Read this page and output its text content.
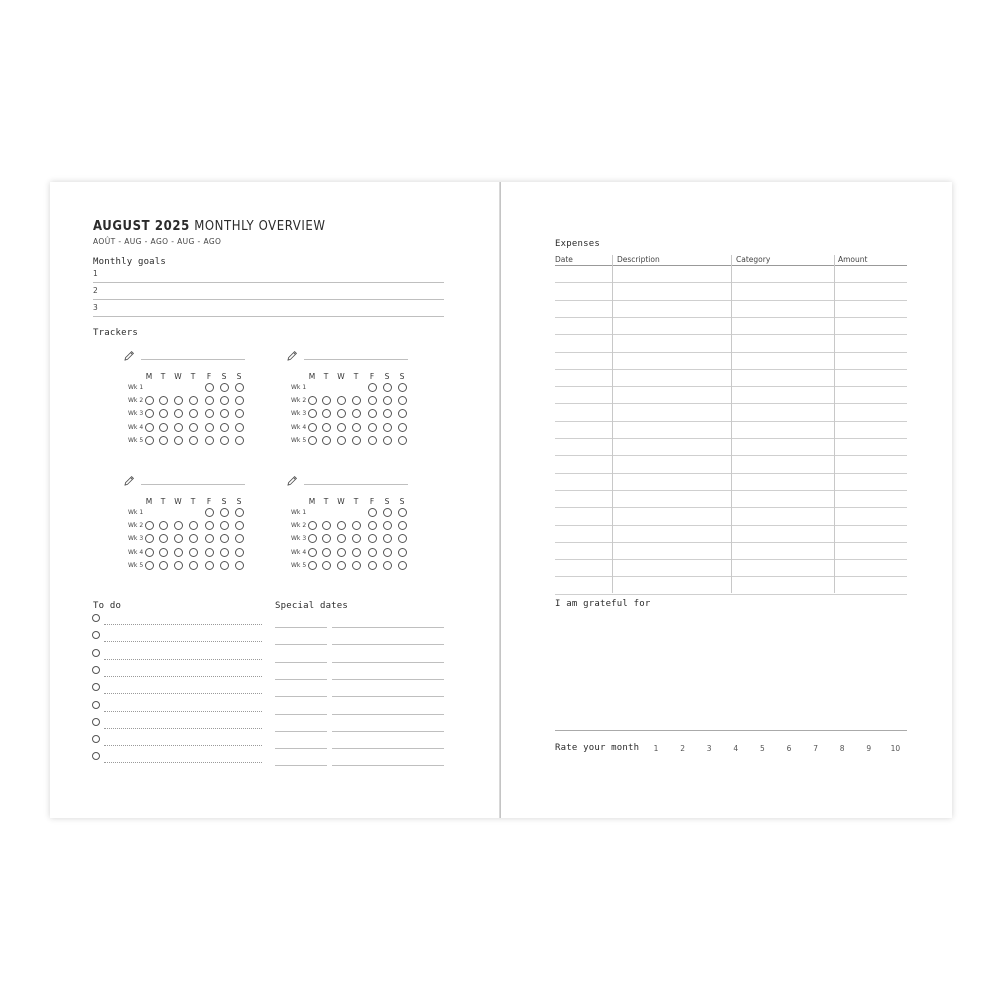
AUGUST 2025 MONTHLY OVERVIEW
AOÛT - AUG - AGO - AUG - AGO
Monthly goals
1
2
3
Trackers
M	T	W	T	F	S	S
Wk 1
Wk 2
Wk 3
Wk 4
Wk 5
M	T	W	T	F	S	S
Wk 1
Wk 2
Wk 3
Wk 4
Wk 5
M	T	W	T	F	S	S
Wk 1
Wk 2
Wk 3
Wk 4
Wk 5
M	T	W	T	F	S	S
Wk 1
Wk 2
Wk 3
Wk 4
Wk 5
To do	Special dates
Expenses
Date	Description	Category	Amount
I am grateful for
Rate your month	1	2	3	4	5	6	7	8	9	10
